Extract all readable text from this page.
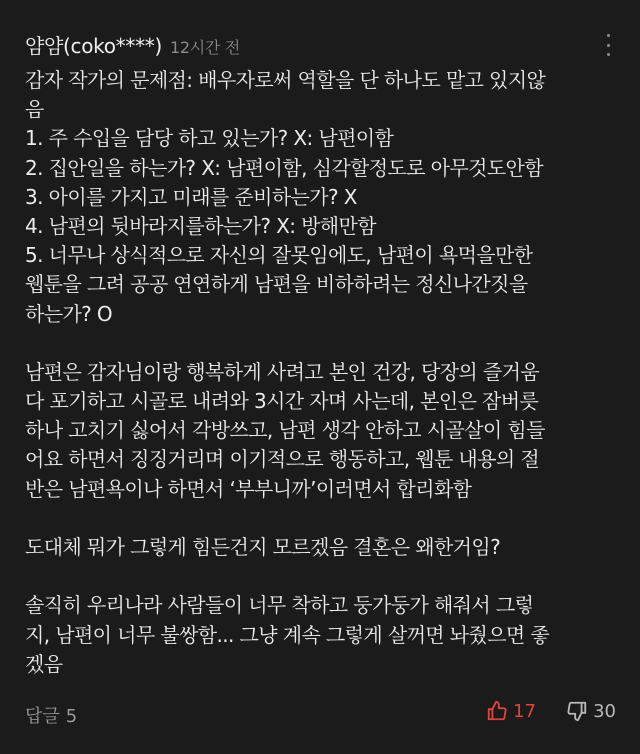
얌얌(coko****) 12시간 전
감자 작가의 문제점: 배우자로써 역할을 단 하나도 맡고 있지않
음
1. 주 수입을 담당 하고 있는가? X: 남편이함
2. 집안일을 하는가? X: 남편이함, 심각할정도로 아무것도안함
3. 아이를 가지고 미래를 준비하는가? X
4. 남편의 뒷바라지를하는가? X: 방해만함
5. 너무나 상식적으로 자신의 잘못임에도, 남편이 욕먹을만한
웹툰을 그려 공공 연연하게 남편을 비하하려는 정신나간짓을
하는가? O
남편은 감자님이랑 행복하게 사려고 본인 건강, 당장의 즐거움
다 포기하고 시골로 내려와 3시간 자며 사는데, 본인은 잠버릇
하나 고치기 싫어서 각방쓰고, 남편 생각 안하고 시골살이 힘들
어요 하면서 징징거리며 이기적으로 행동하고, 웹툰 내용의 절
반은 남편욕이나 하면서 ‘부부니까’이러면서 합리화함
도대체 뭐가 그렇게 힘든건지 모르겠음 결혼은 왜한거임?
솔직히 우리나라 사람들이 너무 착하고 둥가둥가 해줘서 그렇
지, 남편이 너무 불쌍함... 그냥 계속 그렇게 살꺼면 놔줬으면 좋
겠음
답글 5	17	30
